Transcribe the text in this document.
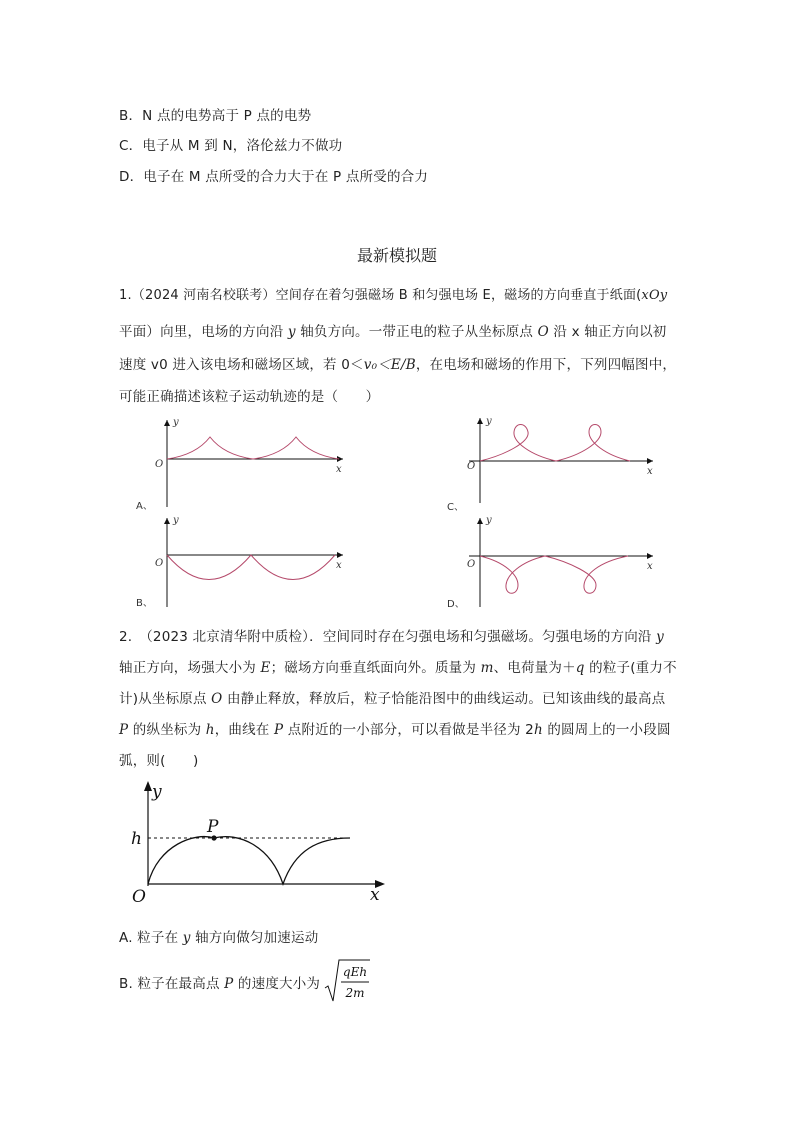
B．N 点的电势高于 P 点的电势
C．电子从 M 到 N，洛伦兹力不做功
D．电子在 M 点所受的合力大于在 P 点所受的合力
最新模拟题
1.（2024 河南名校联考）空间存在着匀强磁场 B 和匀强电场 E，磁场的方向垂直于纸面(xOy
平面）向里，电场的方向沿 y 轴负方向。一带正电的粒子从坐标原点 O 沿 x 轴正方向以初
速度 v0 进入该电场和磁场区域，若 0＜v₀＜E/B，在电场和磁场的作用下，下列四幅图中，
可能正确描述该粒子运动轨迹的是（　　）
y
x
O
A、
y
x
O
C、
y
x
O
B、
y
x
O
D、
2.　（2023 北京清华附中质检）．空间同时存在匀强电场和匀强磁场。匀强电场的方向沿 y
轴正方向，场强大小为 E；磁场方向垂直纸面向外。质量为 m、电荷量为＋q 的粒子(重力不
计)从坐标原点 O 由静止释放，释放后，粒子恰能沿图中的曲线运动。已知该曲线的最高点
P 的纵坐标为 h，曲线在 P 点附近的一小部分，可以看做是半径为 2h 的圆周上的一小段圆
弧，则(　　)
y
x
O
h
P
A. 粒子在 y 轴方向做匀加速运动
B. 粒子在最高点 P 的速度大小为
qEh
2m
